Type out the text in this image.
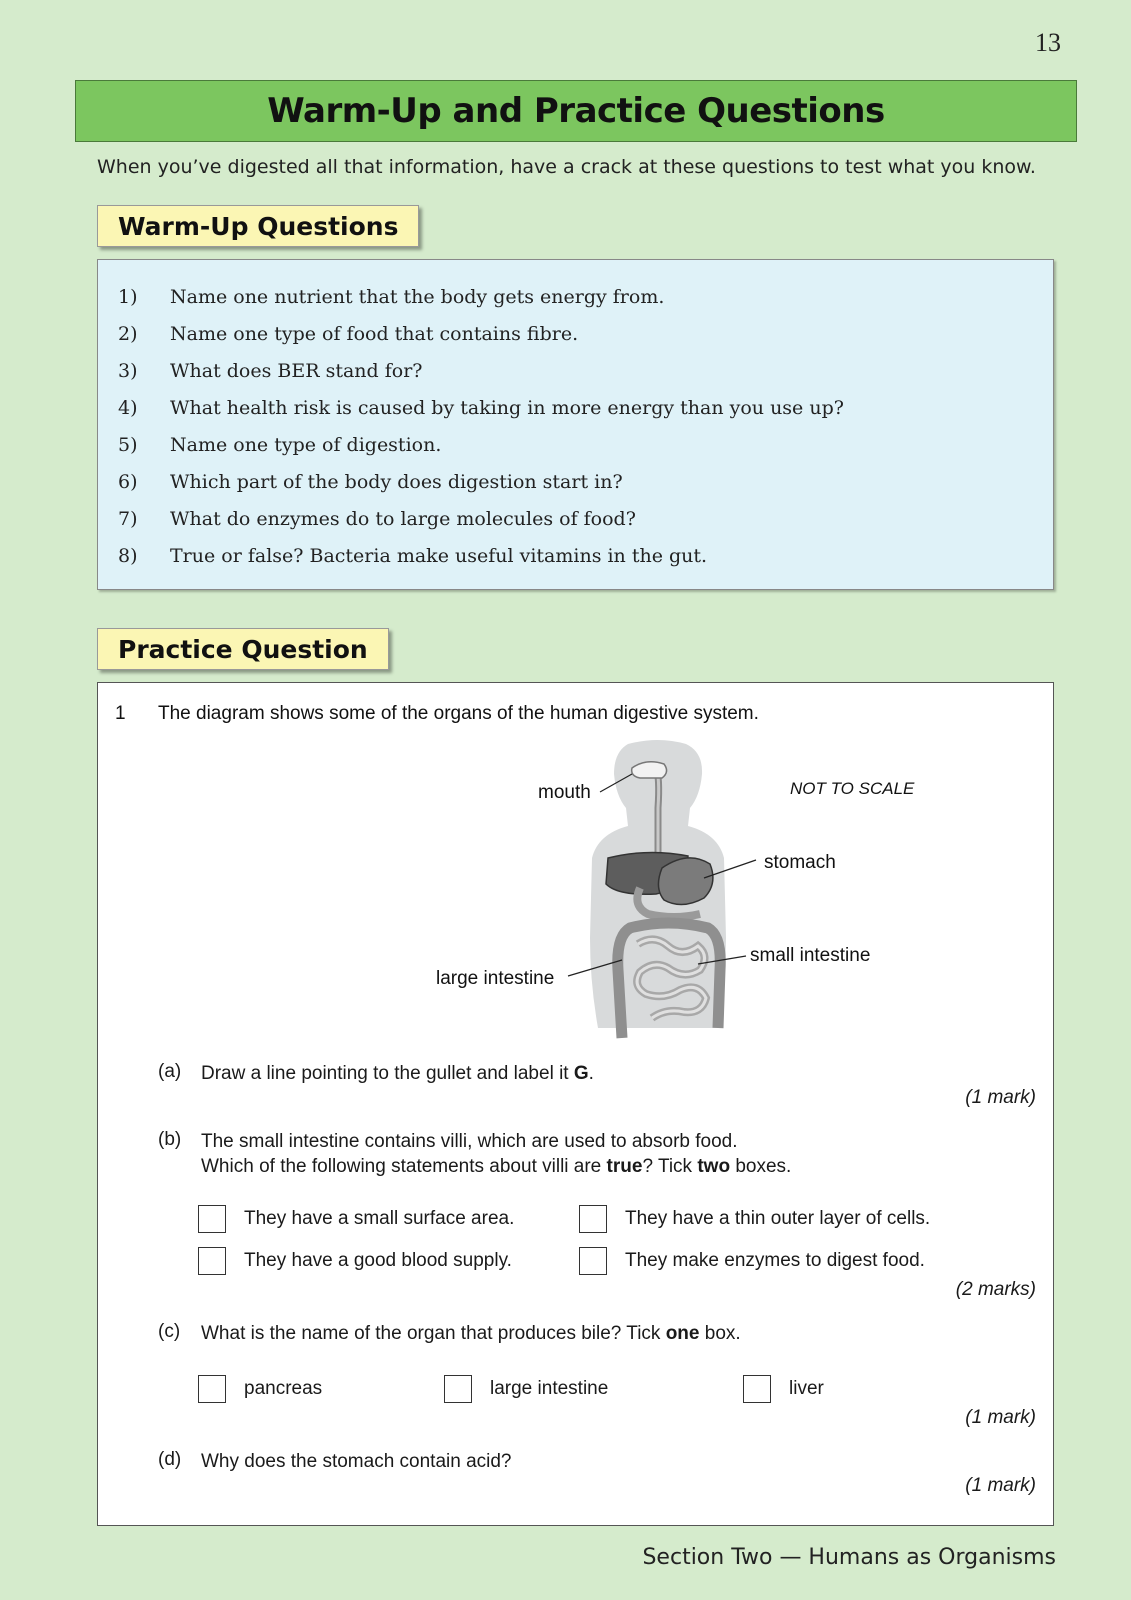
13
Warm-Up and Practice Questions
When you’ve digested all that information, have a crack at these questions to test what you know.
Warm-Up Questions
1)	Name one nutrient that the body gets energy from.
2)	Name one type of food that contains fibre.
3)	What does BER stand for?
4)	What health risk is caused by taking in more energy than you use up?
5)	Name one type of digestion.
6)	Which part of the body does digestion start in?
7)	What do enzymes do to large molecules of food?
8)	True or false? Bacteria make useful vitamins in the gut.
Practice Question
1 The diagram shows some of the organs of the human digestive system.
mouth	NOT TO SCALE
stomach
small intestine
large intestine
(a) Draw a line pointing to the gullet and label it G.
(1 mark)
(b) The small intestine contains villi, which are used to absorb food.
Which of the following statements about villi are true? Tick two boxes.
They have a small surface area.	They have a thin outer layer of cells.
They have a good blood supply.	They make enzymes to digest food.
(2 marks)
(c) What is the name of the organ that produces bile? Tick one box.
pancreas	large intestine	liver
(1 mark)
(d) Why does the stomach contain acid?
(1 mark)
Section Two — Humans as Organisms
